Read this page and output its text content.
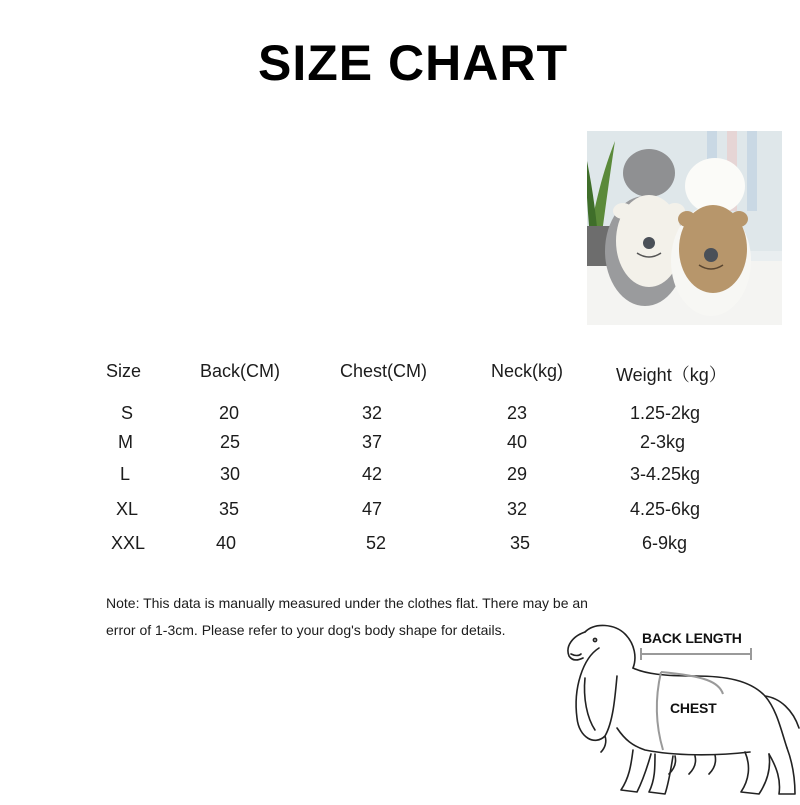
SIZE CHART
Size	Back(CM)	Chest(CM)	Neck(kg)	Weight（kg）
S	20	32	23	1.25-2kg
M	25	37	40	2-3kg
L	30	42	29	3-4.25kg
XL	35	47	32	4.25-6kg
XXL	40	52	35	6-9kg
Note: This data is manually measured under the clothes flat. There may be an
error of 1-3cm. Please refer to your dog's body shape for details.	BACK LENGTH
CHEST
